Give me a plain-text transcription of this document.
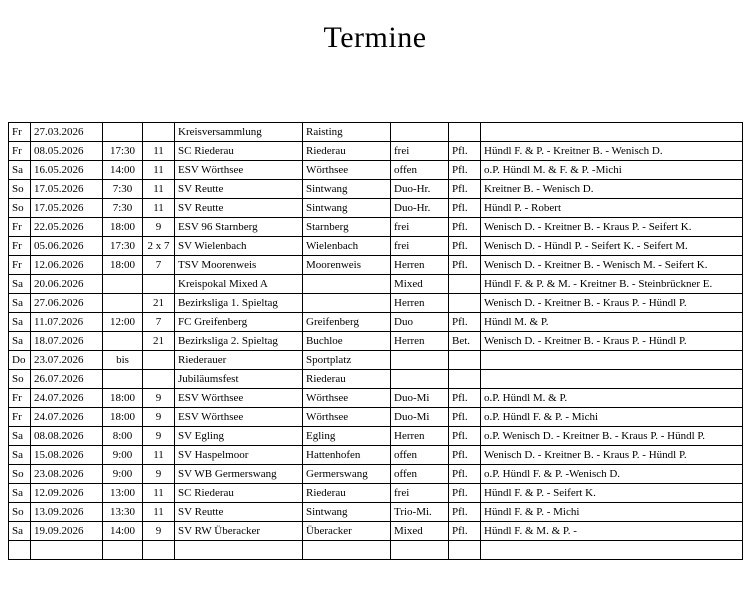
Termine
Fr	27.03.2026			Kreisversammlung	Raisting			
Fr	08.05.2026	17:30	11	SC Riederau	Riederau	frei	Pfl.	Hündl F. & P. - Kreitner B. - Wenisch D.
Sa	16.05.2026	14:00	11	ESV Wörthsee	Wörthsee	offen	Pfl.	o.P. Hündl M. & F. & P. -Michi
So	17.05.2026	7:30	11	SV Reutte	Sintwang	Duo-Hr.	Pfl.	Kreitner B. - Wenisch D.
So	17.05.2026	7:30	11	SV Reutte	Sintwang	Duo-Hr.	Pfl.	Hündl P. - Robert
Fr	22.05.2026	18:00	9	ESV 96 Starnberg	Starnberg	frei	Pfl.	Wenisch D. - Kreitner B. - Kraus P. - Seifert K.
Fr	05.06.2026	17:30	2 x 7	SV Wielenbach	Wielenbach	frei	Pfl.	Wenisch D. - Hündl P. - Seifert K. - Seifert M.
Fr	12.06.2026	18:00	7	TSV Moorenweis	Moorenweis	Herren	Pfl.	Wenisch D. - Kreitner B. - Wenisch M. - Seifert K.
Sa	20.06.2026			Kreispokal Mixed A		Mixed		Hündl F. & P. & M. - Kreitner B. - Steinbrückner E.
Sa	27.06.2026		21	Bezirksliga 1. Spieltag		Herren		Wenisch D. - Kreitner B. - Kraus P. - Hündl P.
Sa	11.07.2026	12:00	7	FC Greifenberg	Greifenberg	Duo	Pfl.	Hündl M. & P.
Sa	18.07.2026		21	Bezirksliga 2. Spieltag	Buchloe	Herren	Bet.	Wenisch D. - Kreitner B. - Kraus P. - Hündl P.
Do	23.07.2026	bis		Riederauer	Sportplatz			
So	26.07.2026			Jubiläumsfest	Riederau			
Fr	24.07.2026	18:00	9	ESV Wörthsee	Wörthsee	Duo-Mi	Pfl.	o.P. Hündl M. & P.
Fr	24.07.2026	18:00	9	ESV Wörthsee	Wörthsee	Duo-Mi	Pfl.	o.P. Hündl F. & P. - Michi
Sa	08.08.2026	8:00	9	SV Egling	Egling	Herren	Pfl.	o.P. Wenisch D. - Kreitner B. - Kraus P. - Hündl P.
Sa	15.08.2026	9:00	11	SV Haspelmoor	Hattenhofen	offen	Pfl.	Wenisch D. - Kreitner B. - Kraus P. - Hündl P.
So	23.08.2026	9:00	9	SV WB Germerswang	Germerswang	offen	Pfl.	o.P. Hündl F. & P. -Wenisch D.
Sa	12.09.2026	13:00	11	SC Riederau	Riederau	frei	Pfl.	Hündl F. & P. - Seifert K.
So	13.09.2026	13:30	11	SV Reutte	Sintwang	Trio-Mi.	Pfl.	Hündl F. & P. - Michi
Sa	19.09.2026	14:00	9	SV RW Überacker	Überacker	Mixed	Pfl.	Hündl F. & M. & P. -
